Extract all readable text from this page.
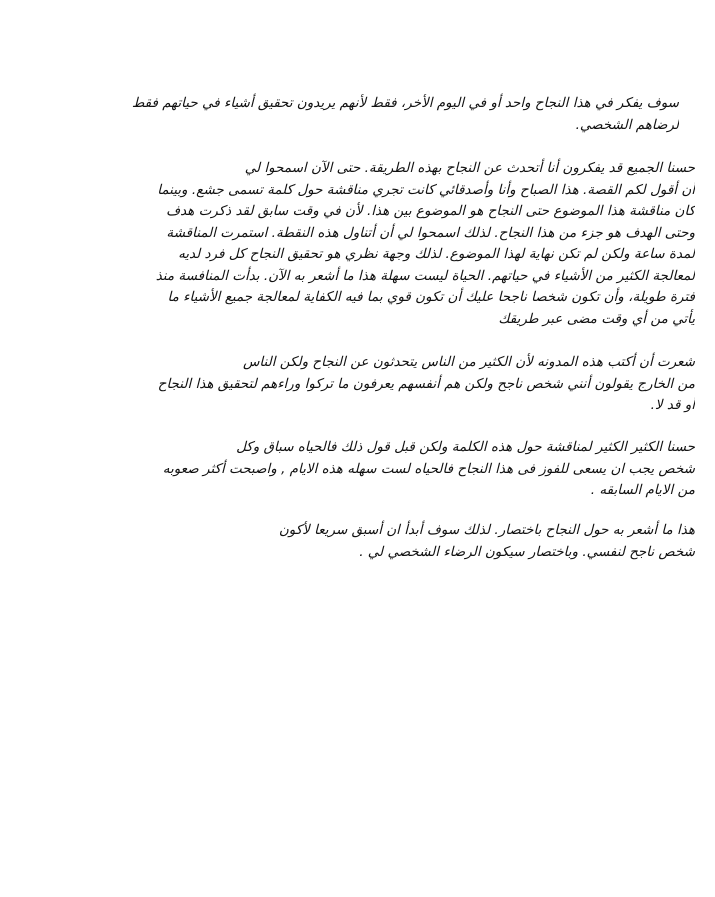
سوف يفكر في هذا النجاح واحد أو في اليوم الأخر، فقط لأنهم يريدون تحقيق أشياء في حياتهم فقط
لرضاهم الشخصي.
حسنا الجميع قد يفكرون أنا أتحدث عن النجاح بهذه الطريقة. حتى الآن اسمحوا لي
أن أقول لكم القصة. هذا الصباح وأنا وأصدقائي كانت تجري مناقشة حول كلمة تسمى جشع. وبينما
كان مناقشة هذا الموضوع حتى النجاح هو الموضوع بين هذا. لأن في وقت سابق لقد ذكرت هدف
وحتى الهدف هو جزء من هذا النجاح. لذلك اسمحوا لي أن أتناول هذه النقطة. استمرت المناقشة
لمدة ساعة ولكن لم تكن نهاية لهذا الموضوع. لذلك وجهة نظري هو تحقيق النجاح كل فرد لديه
لمعالجة الكثير من الأشياء في حياتهم. الحياة ليست سهلة هذا ما أشعر به الآن. بدأت المنافسة منذ
فترة طويلة، وأن تكون شخصا ناجحا عليك أن تكون قوي بما فيه الكفاية لمعالجة جميع الأشياء ما
يأتي من أي وقت مضى عبر طريقك
شعرت أن أكتب هذه المدونه لأن الكثير من الناس يتحدثون عن النجاح ولكن الناس
من الخارج يقولون أنني شخص ناجح ولكن هم أنفسهم يعرفون ما تركوا وراءهم لتحقيق هذا النجاح
أو قد لا.
حسنا الكثير الكثير لمناقشة حول هذه الكلمة ولكن قبل قول ذلك فالحياه سباق وكل
شخص يجب ان يسعى للفوز فى هذا النجاح فالحياه لست سهله هذه الايام , واصبحت أكثر صعوبه
من الايام السابقه .
هذا ما أشعر به حول النجاح باختصار. لذلك سوف أبدأ ان أسبق سريعا لأكون
شخص ناجح لنفسي. وباختصار سيكون الرضاء الشخصي لي .
